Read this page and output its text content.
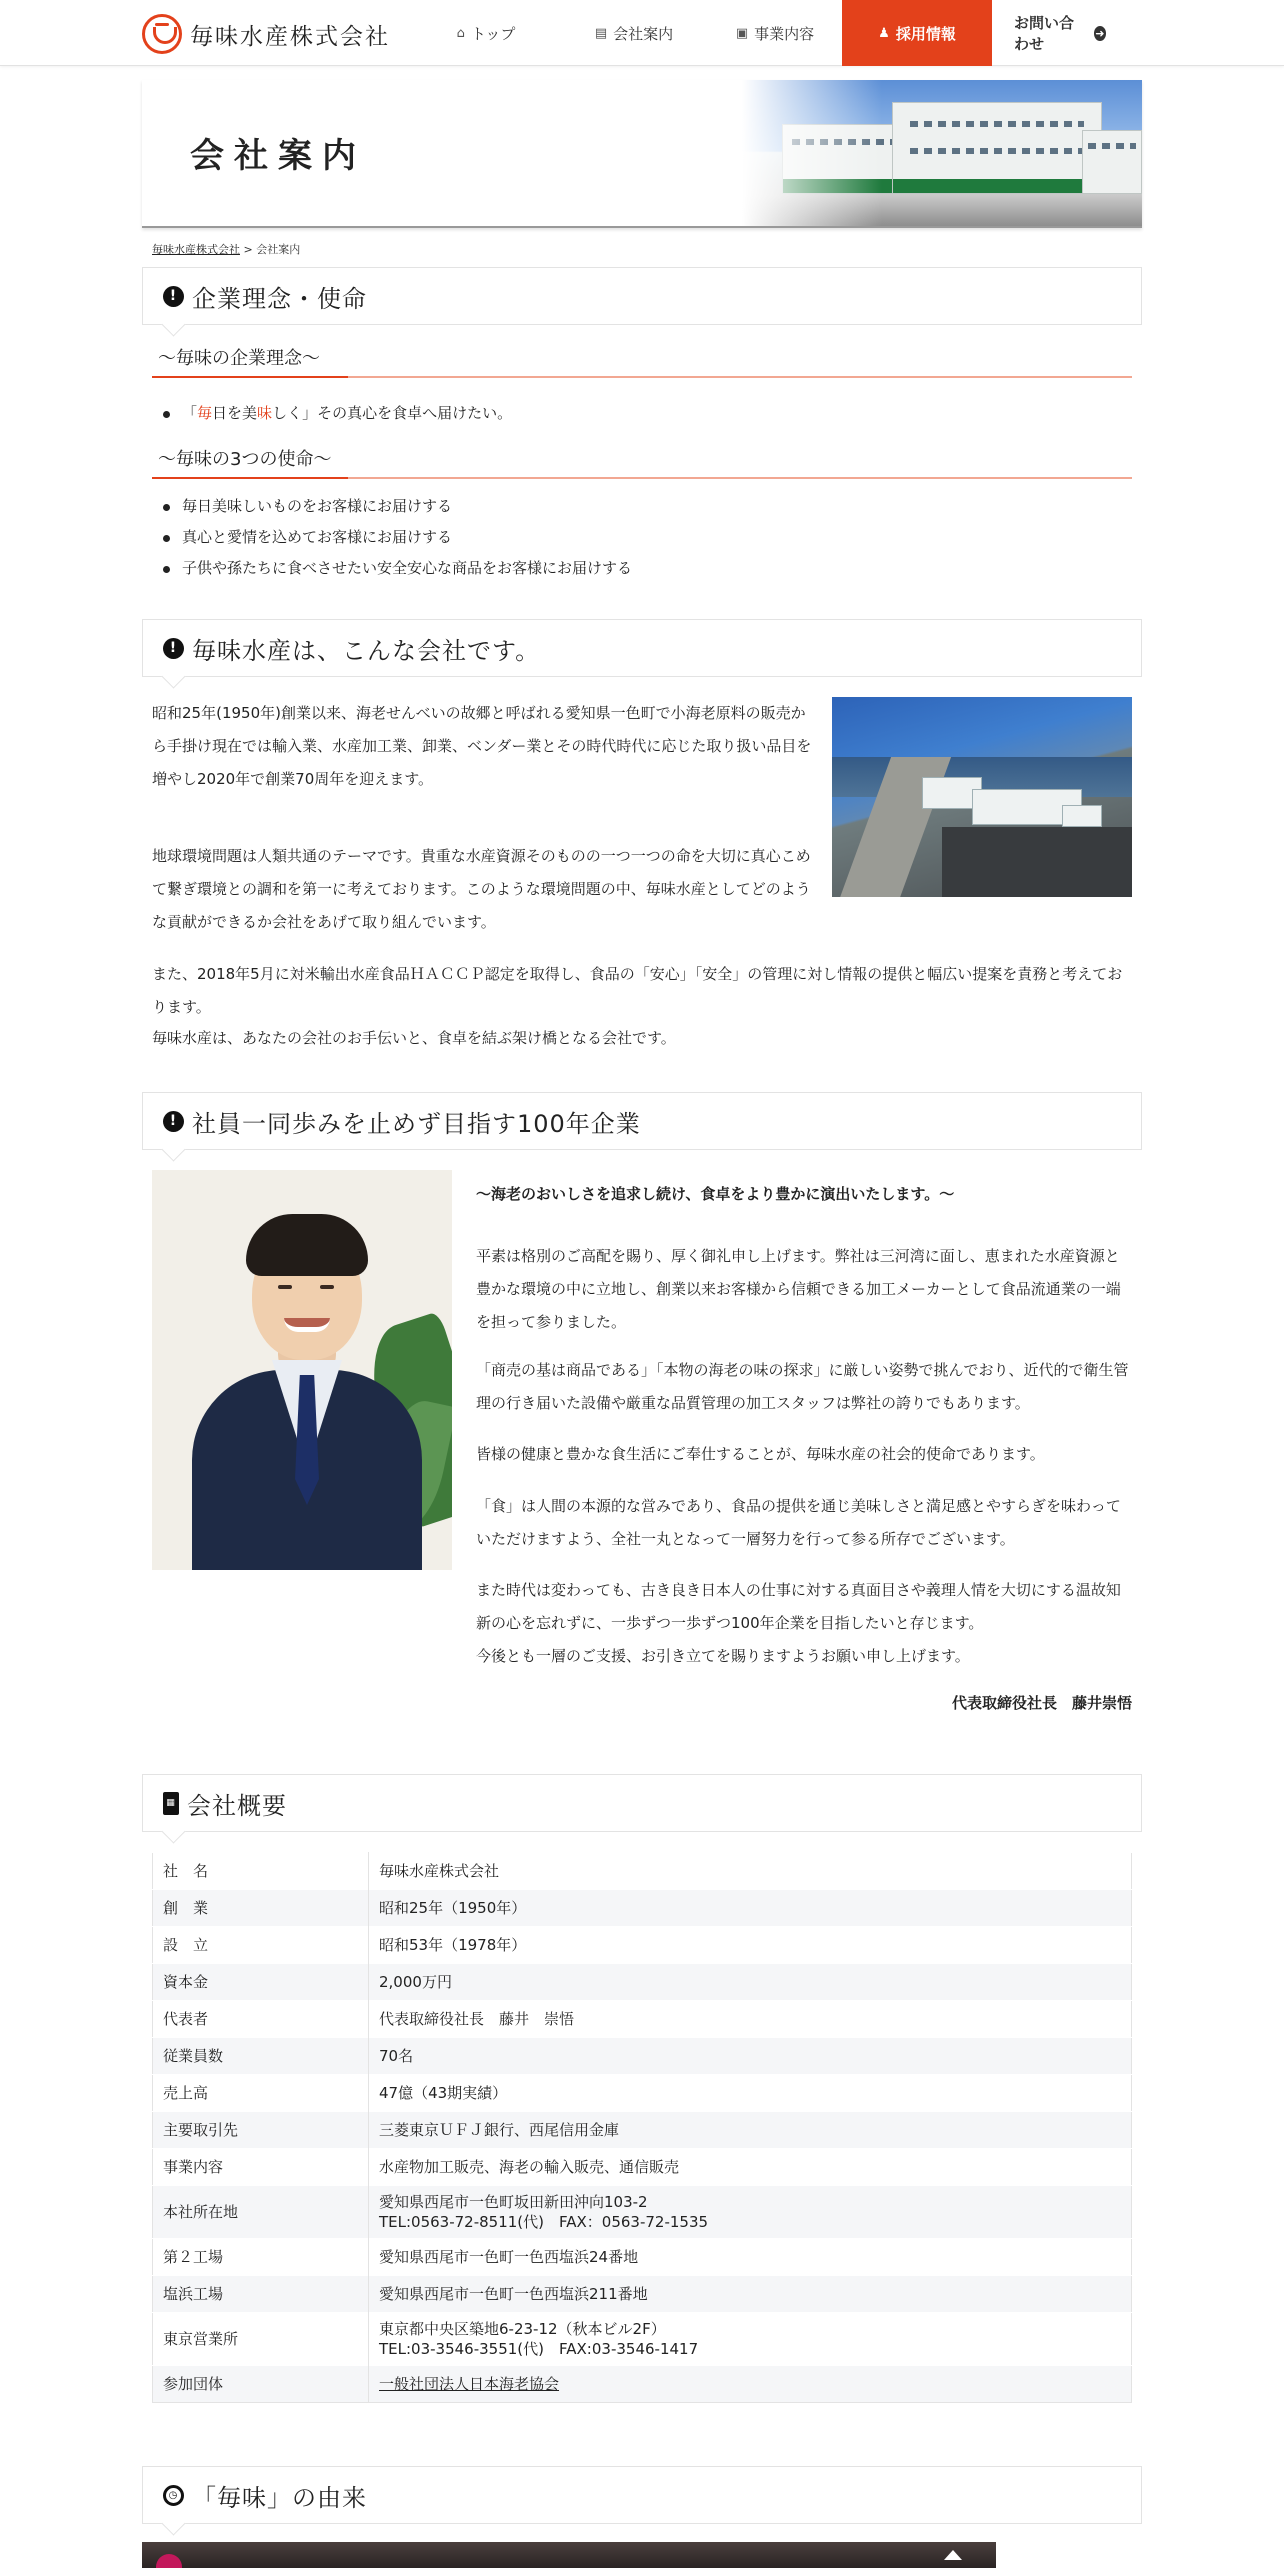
毎味水産株式会社	⌂ トップ	▤ 会社案内	▣ 事業内容	♟ 採用情報
お問い合わせ
➜
会社案内
毎味水産株式会社 > 会社案内
! 企業理念・使命
～毎味の企業理念～
「毎日を美味しく」その真心を食卓へ届けたい。
～毎味の3つの使命～
毎日美味しいものをお客様にお届けする
真心と愛情を込めてお客様にお届けする
子供や孫たちに食べさせたい安全安心な商品をお客様にお届けする
! 毎味水産は、こんな会社です。

昭和25年(1950年)創業以来、海老せんべいの故郷と呼ばれる愛知県一色町で小海老原料の販売から手掛け現在では輸入業、水産加工業、卸業、ベンダー業とその時代時代に応じた取り扱い品目を増やし2020年で創業70周年を迎えます。

地球環境問題は人類共通のテーマです。貴重な水産資源そのものの一つ一つの命を大切に真心こめて繋ぎ環境との調和を第一に考えております。このような環境問題の中、毎味水産としてどのような貢献ができるか会社をあげて取り組んでいます。

また、2018年5月に対米輸出水産食品ＨＡＣＣＰ認定を取得し、食品の「安心」「安全」の管理に対し情報の提供と幅広い提案を責務と考えております。

毎味水産は、あなたの会社のお手伝いと、食卓を結ぶ架け橋となる会社です。

! 社員一同歩みを止めず目指す100年企業
～海老のおいしさを追求し続け、食卓をより豊かに演出いたします。～

平素は格別のご高配を賜り、厚く御礼申し上げます。弊社は三河湾に面し、恵まれた水産資源と豊かな環境の中に立地し、創業以来お客様から信頼できる加工メーカーとして食品流通業の一端を担って参りました。

「商売の基は商品である」「本物の海老の味の探求」に厳しい姿勢で挑んでおり、近代的で衛生管理の行き届いた設備や厳重な品質管理の加工スタッフは弊社の誇りでもあります。

皆様の健康と豊かな食生活にご奉仕することが、毎味水産の社会的使命であります。

「食」は人間の本源的な営みであり、食品の提供を通じ美味しさと満足感とやすらぎを味わっていただけますよう、全社一丸となって一層努力を行って参る所存でございます。

また時代は変わっても、古き良き日本人の仕事に対する真面目さや義理人情を大切にする温故知新の心を忘れずに、一歩ずつ一歩ずつ100年企業を目指したいと存じます。

今後とも一層のご支援、お引き立てを賜りますようお願い申し上げます。

代表取締役社長　藤井崇悟
▦ 会社概要
社　名	毎味水産株式会社
創　業	昭和25年（1950年）
設　立	昭和53年（1978年）
資本金	2,000万円
代表者	代表取締役社長　藤井　崇悟
従業員数	70名
売上高	47億（43期実績）
主要取引先	三菱東京ＵＦＪ銀行、西尾信用金庫
事業内容	水産物加工販売、海老の輸入販売、通信販売
本社所在地	愛知県西尾市一色町坂田新田沖向103-2
TEL:0563-72-8511(代)　FAX：0563-72-1535

第２工場	愛知県西尾市一色町一色西塩浜24番地
塩浜工場	愛知県西尾市一色町一色西塩浜211番地
東京営業所	東京都中央区築地6-23-12（秋本ビル2F）
TEL:03-3546-3551(代)　FAX:03-3546-1417

参加団体	一般社団法人日本海老協会
◷ 「毎味」の由来
